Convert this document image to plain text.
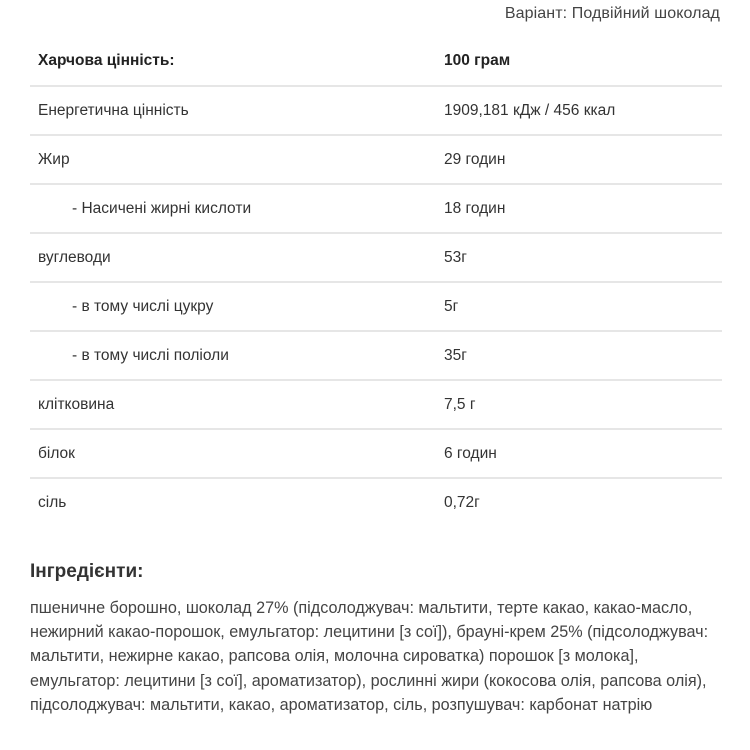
Варіант: Подвійний шоколад
Харчова цінність:	100 грам
Енергетична цінність	1909,181 кДж / 456 ккал
Жир	29 годин
- Насичені жирні кислоти	18 годин
вуглеводи	53г
- в тому числі цукру	5г
- в тому числі поліоли	35г
клітковина	7,5 г
білок	6 годин
сіль	0,72г
Інгредієнти:

пшеничне борошно, шоколад 27% (підсолоджувач: мальтити, терте какао, какао-масло, нежирний какао-порошок, емульгатор: лецитини [з сої]), брауні-крем 25% (підсолоджувач: мальтити, нежирне какао, рапсова олія, молочна сироватка) порошок [з молока], емульгатор: лецитини [з сої], ароматизатор), рослинні жири (кокосова олія, рапсова олія), підсолоджувач: мальтити, какао, ароматизатор, сіль, розпушувач: карбонат натрію
